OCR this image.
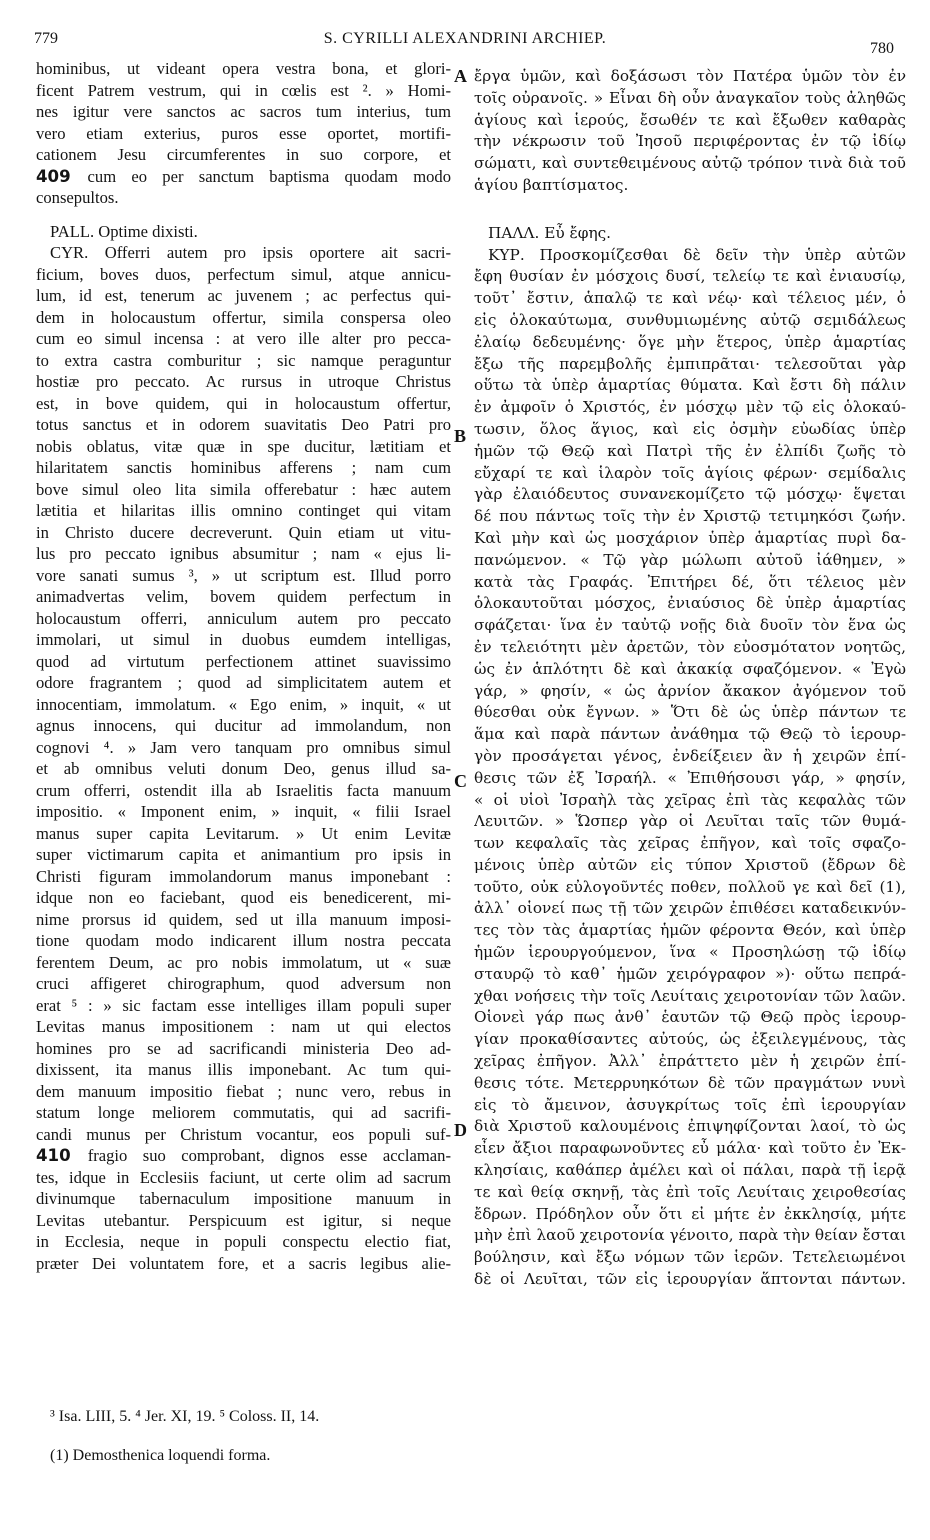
779	S. CYRILLI ALEXANDRINI ARCHIEP.
780
hominibus, ut videant opera vestra bona, et glori-
ficent Patrem vestrum, qui in cœlis est ². » Homi-
nes igitur vere sanctos ac sacros tum interius, tum
vero etiam exterius, puros esse oportet, mortifi-
cationem Jesu circumferentes in suo corpore, et
409 cum eo per sanctum baptisma quodam modo
consepultos.
PALL. Optime dixisti.
CYR. Offerri autem pro ipsis oportere ait sacri-
ficium, boves duos, perfectum simul, atque annicu-
lum, id est, tenerum ac juvenem ; ac perfectus qui-
dem in holocaustum offertur, simila conspersa oleo
cum eo simul incensa : at vero ille alter pro pecca-
to extra castra comburitur ; sic namque peraguntur
hostiæ pro peccato. Ac rursus in utroque Christus
est, in bove quidem, qui in holocaustum offertur,
totus sanctus et in odorem suavitatis Deo Patri pro
nobis oblatus, vitæ quæ in spe ducitur, lætitiam et
hilaritatem sanctis hominibus afferens ; nam cum
bove simul oleo lita simila offerebatur : hæc autem
lætitia et hilaritas illis omnino continget qui vitam
in Christo ducere decreverunt. Quin etiam ut vitu-
lus pro peccato ignibus absumitur ; nam « ejus li-
vore sanati sumus ³, » ut scriptum est. Illud porro
animadvertas velim, bovem quidem perfectum in
holocaustum offerri, anniculum autem pro peccato
immolari, ut simul in duobus eumdem intelligas,
quod ad virtutum perfectionem attinet suavissimo
odore fragrantem ; quod ad simplicitatem autem et
innocentiam, immolatum. « Ego enim, » inquit, « ut
agnus innocens, qui ducitur ad immolandum, non
cognovi ⁴. » Jam vero tanquam pro omnibus simul
et ab omnibus veluti donum Deo, genus illud sa-
crum offerri, ostendit illa ab Israelitis facta manuum
impositio. « Imponent enim, » inquit, « filii Israel
manus super capita Levitarum. » Ut enim Levitæ
super victimarum capita et animantium pro ipsis in
Christi figuram immolandorum manus imponebant :
idque non eo faciebant, quod eis benedicerent, mi-
nime prorsus id quidem, sed ut illa manuum imposi-
tione quodam modo indicarent illum nostra peccata
ferentem Deum, ac pro nobis immolatum, ut « suæ
cruci affigeret chirographum, quod adversum non
erat ⁵ : » sic factam esse intelliges illam populi super
Levitas manus impositionem : nam ut qui electos
homines pro se ad sacrificandi ministeria Deo ad-
dixissent, ita manus illis imponebant. Ac tum qui-
dem manuum impositio fiebat ; nunc vero, rebus in
statum longe meliorem commutatis, qui ad sacrifi-
candi munus per Christum vocantur, eos populi suf-
410 fragio suo comprobant, dignos esse acclaman-
tes, idque in Ecclesiis faciunt, ut certe olim ad sacrum
divinumque tabernaculum impositione manuum in
Levitas utebantur. Perspicuum est igitur, si neque
in Ecclesia, neque in populi conspectu electio fiat,
præter Dei voluntatem fore, et a sacris legibus alie-
ἔργα ὑμῶν, καὶ δοξάσωσι τὸν Πατέρα ὑμῶν τὸν ἐν
τοῖς οὐρανοῖς. » Εἶναι δὴ οὖν ἀναγκαῖον τοὺς ἀληθῶς
ἁγίους καὶ ἱερούς, ἔσωθέν τε καὶ ἔξωθεν καθαρὰς
τὴν νέκρωσιν τοῦ Ἰησοῦ περιφέροντας ἐν τῷ ἰδίῳ
σώματι, καὶ συντεθειμένους αὐτῷ τρόπον τινὰ διὰ τοῦ
ἁγίου βαπτίσματος.
ΠΑΛΛ. Εὖ ἔφης.
ΚΥΡ. Προσκομίζεσθαι δὲ δεῖν τὴν ὑπὲρ αὐτῶν
ἔφη θυσίαν ἐν μόσχοις δυσί, τελείῳ τε καὶ ἐνιαυσίῳ,
τοῦτ᾽ ἔστιν, ἁπαλῷ τε καὶ νέῳ· καὶ τέλειος μέν, ὁ
εἰς ὁλοκαύτωμα, συνθυμιωμένης αὐτῷ σεμιδάλεως
ἐλαίῳ δεδευμένης· ὅγε μὴν ἕτερος, ὑπὲρ ἁμαρτίας
ἔξω τῆς παρεμβολῆς ἐμπιπρᾶται· τελεσοῦται γὰρ
οὕτω τὰ ὑπὲρ ἁμαρτίας θύματα. Καὶ ἔστι δὴ πάλιν
ἐν ἀμφοῖν ὁ Χριστός, ἐν μόσχῳ μὲν τῷ εἰς ὁλοκαύ-
τωσιν, ὅλος ἅγιος, καὶ εἰς ὀσμὴν εὐωδίας ὑπὲρ
ἡμῶν τῷ Θεῷ καὶ Πατρὶ τῆς ἐν ἐλπίδι ζωῆς τὸ
εὔχαρί τε καὶ ἱλαρὸν τοῖς ἁγίοις φέρων· σεμίδαλις
γὰρ ἐλαιόδευτος συνανεκομίζετο τῷ μόσχῳ· ἕψεται
δέ που πάντως τοῖς τὴν ἐν Χριστῷ τετιμηκόσι ζωήν.
Καὶ μὴν καὶ ὡς μοσχάριον ὑπὲρ ἁμαρτίας πυρὶ δα-
πανώμενον. « Τῷ γὰρ μώλωπι αὐτοῦ ἰάθημεν, »
κατὰ τὰς Γραφάς. Ἐπιτήρει δέ, ὅτι τέλειος μὲν
ὁλοκαυτοῦται μόσχος, ἐνιαύσιος δὲ ὑπὲρ ἁμαρτίας
σφάζεται· ἵνα ἐν ταὐτῷ νοῇς διὰ δυοῖν τὸν ἕνα ὡς
ἐν τελειότητι μὲν ἀρετῶν, τὸν εὐοσμότατον νοητῶς,
ὡς ἐν ἁπλότητι δὲ καὶ ἀκακίᾳ σφαζόμενον. « Ἐγὼ
γάρ, » φησίν, « ὡς ἀρνίον ἄκακον ἀγόμενον τοῦ
θύεσθαι οὐκ ἔγνων. » Ὅτι δὲ ὡς ὑπὲρ πάντων τε
ἅμα καὶ παρὰ πάντων ἀνάθημα τῷ Θεῷ τὸ ἱερουρ-
γὸν προσάγεται γένος, ἐνδείξειεν ἂν ἡ χειρῶν ἐπί-
θεσις τῶν ἐξ Ἰσραήλ. « Ἐπιθήσουσι γάρ, » φησίν,
« οἱ υἱοὶ Ἰσραὴλ τὰς χεῖρας ἐπὶ τὰς κεφαλὰς τῶν
Λευιτῶν. » Ὥσπερ γὰρ οἱ Λευῖται ταῖς τῶν θυμά-
των κεφαλαῖς τὰς χεῖρας ἐπῆγον, καὶ τοῖς σφαζο-
μένοις ὑπὲρ αὐτῶν εἰς τύπον Χριστοῦ (ἔδρων δὲ
τοῦτο, οὐκ εὐλογοῦντές ποθεν, πολλοῦ γε καὶ δεῖ (1),
ἀλλ᾽ οἱονεί πως τῇ τῶν χειρῶν ἐπιθέσει καταδεικνύν-
τες τὸν τὰς ἁμαρτίας ἡμῶν φέροντα Θεόν, καὶ ὑπὲρ
ἡμῶν ἱερουργούμενον, ἵνα « Προσηλώσῃ τῷ ἰδίῳ
σταυρῷ τὸ καθ᾽ ἡμῶν χειρόγραφον »)· οὕτω πεπρά-
χθαι νοήσεις τὴν τοῖς Λευίταις χειροτονίαν τῶν λαῶν.
Οἱονεὶ γάρ πως ἀνθ᾽ ἑαυτῶν τῷ Θεῷ πρὸς ἱερουρ-
γίαν προκαθίσαντες αὐτούς, ὡς ἐξειλεγμένους, τὰς
χεῖρας ἐπῆγον. Ἀλλ᾽ ἐπράττετο μὲν ἡ χειρῶν ἐπί-
θεσις τότε. Μετερρυηκότων δὲ τῶν πραγμάτων νυνὶ
εἰς τὸ ἄμεινον, ἀσυγκρίτως τοῖς ἐπὶ ἱερουργίαν
διὰ Χριστοῦ καλουμένοις ἐπιψηφίζονται λαοί, τὸ ὡς
εἶεν ἄξιοι παραφωνοῦντες εὖ μάλα· καὶ τοῦτο ἐν Ἐκ-
κλησίαις, καθάπερ ἀμέλει καὶ οἱ πάλαι, παρὰ τῇ ἱερᾷ
τε καὶ θείᾳ σκηνῇ, τὰς ἐπὶ τοῖς Λευίταις χειροθεσίας
ἔδρων. Πρόδηλον οὖν ὅτι εἰ μήτε ἐν ἐκκλησίᾳ, μήτε
μὴν ἐπὶ λαοῦ χειροτονία γένοιτο, παρὰ τὴν θείαν ἔσται
βούλησιν, καὶ ἔξω νόμων τῶν ἱερῶν. Τετελειωμένοι
δὲ οἱ Λευῖται, τῶν εἰς ἱερουργίαν ἅπτονται πάντων.
A
B
C
D
³ Isa. LIII, 5. ⁴ Jer. XI, 19. ⁵ Coloss. II, 14.
(1) Demosthenica loquendi forma.
